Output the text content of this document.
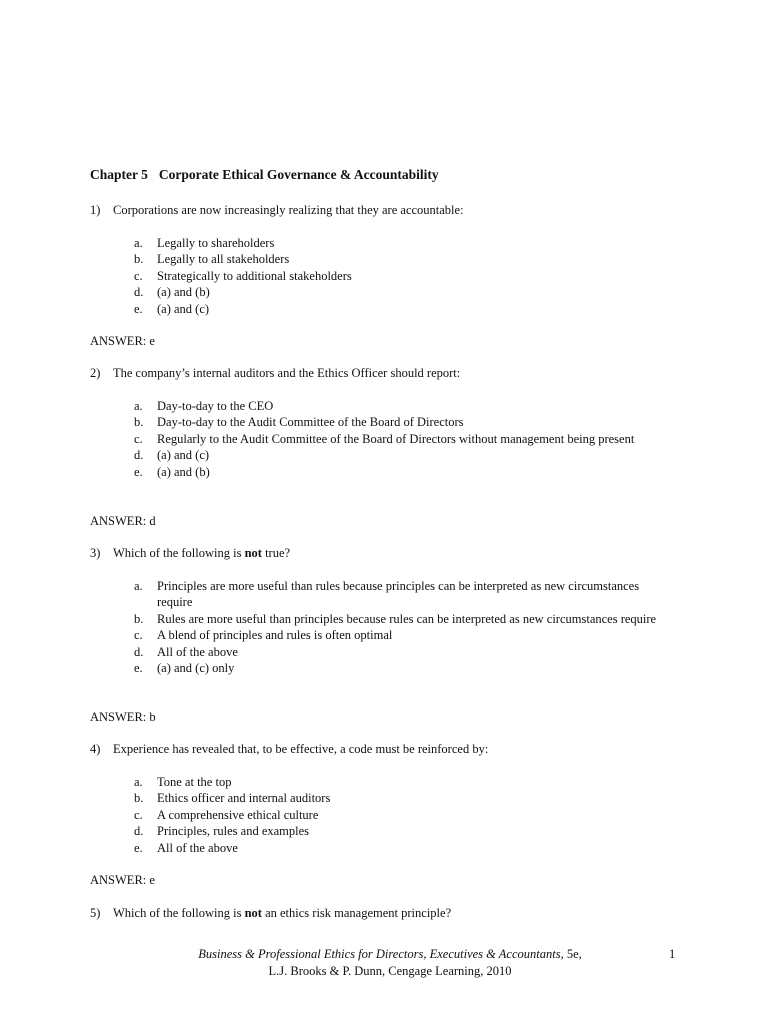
Chapter 5 Corporate Ethical Governance & Accountability
1) Corporations are now increasingly realizing that they are accountable:
a.	Legally to shareholders
b.	Legally to all stakeholders
c.	Strategically to additional stakeholders
d.	(a) and (b)
e.	(a) and (c)
ANSWER: e
2) The company’s internal auditors and the Ethics Officer should report:
a.	Day-to-day to the CEO
b.	Day-to-day to the Audit Committee of the Board of Directors
c.	Regularly to the Audit Committee of the Board of Directors without management being present
d.	(a) and (c)
e.	(a) and (b)
ANSWER: d
3) Which of the following is not true?
a.	Principles are more useful than rules because principles can be interpreted as new circumstances require
b.	Rules are more useful than principles because rules can be interpreted as new circumstances require
c.	A blend of principles and rules is often optimal
d.	All of the above
e.	(a) and (c) only
ANSWER: b
4) Experience has revealed that, to be effective, a code must be reinforced by:
a.	Tone at the top
b.	Ethics officer and internal auditors
c.	A comprehensive ethical culture
d.	Principles, rules and examples
e.	All of the above
ANSWER: e
5) Which of the following is not an ethics risk management principle?
Business & Professional Ethics for Directors, Executives & Accountants, 5e,
L.J. Brooks & P. Dunn, Cengage Learning, 2010
1
